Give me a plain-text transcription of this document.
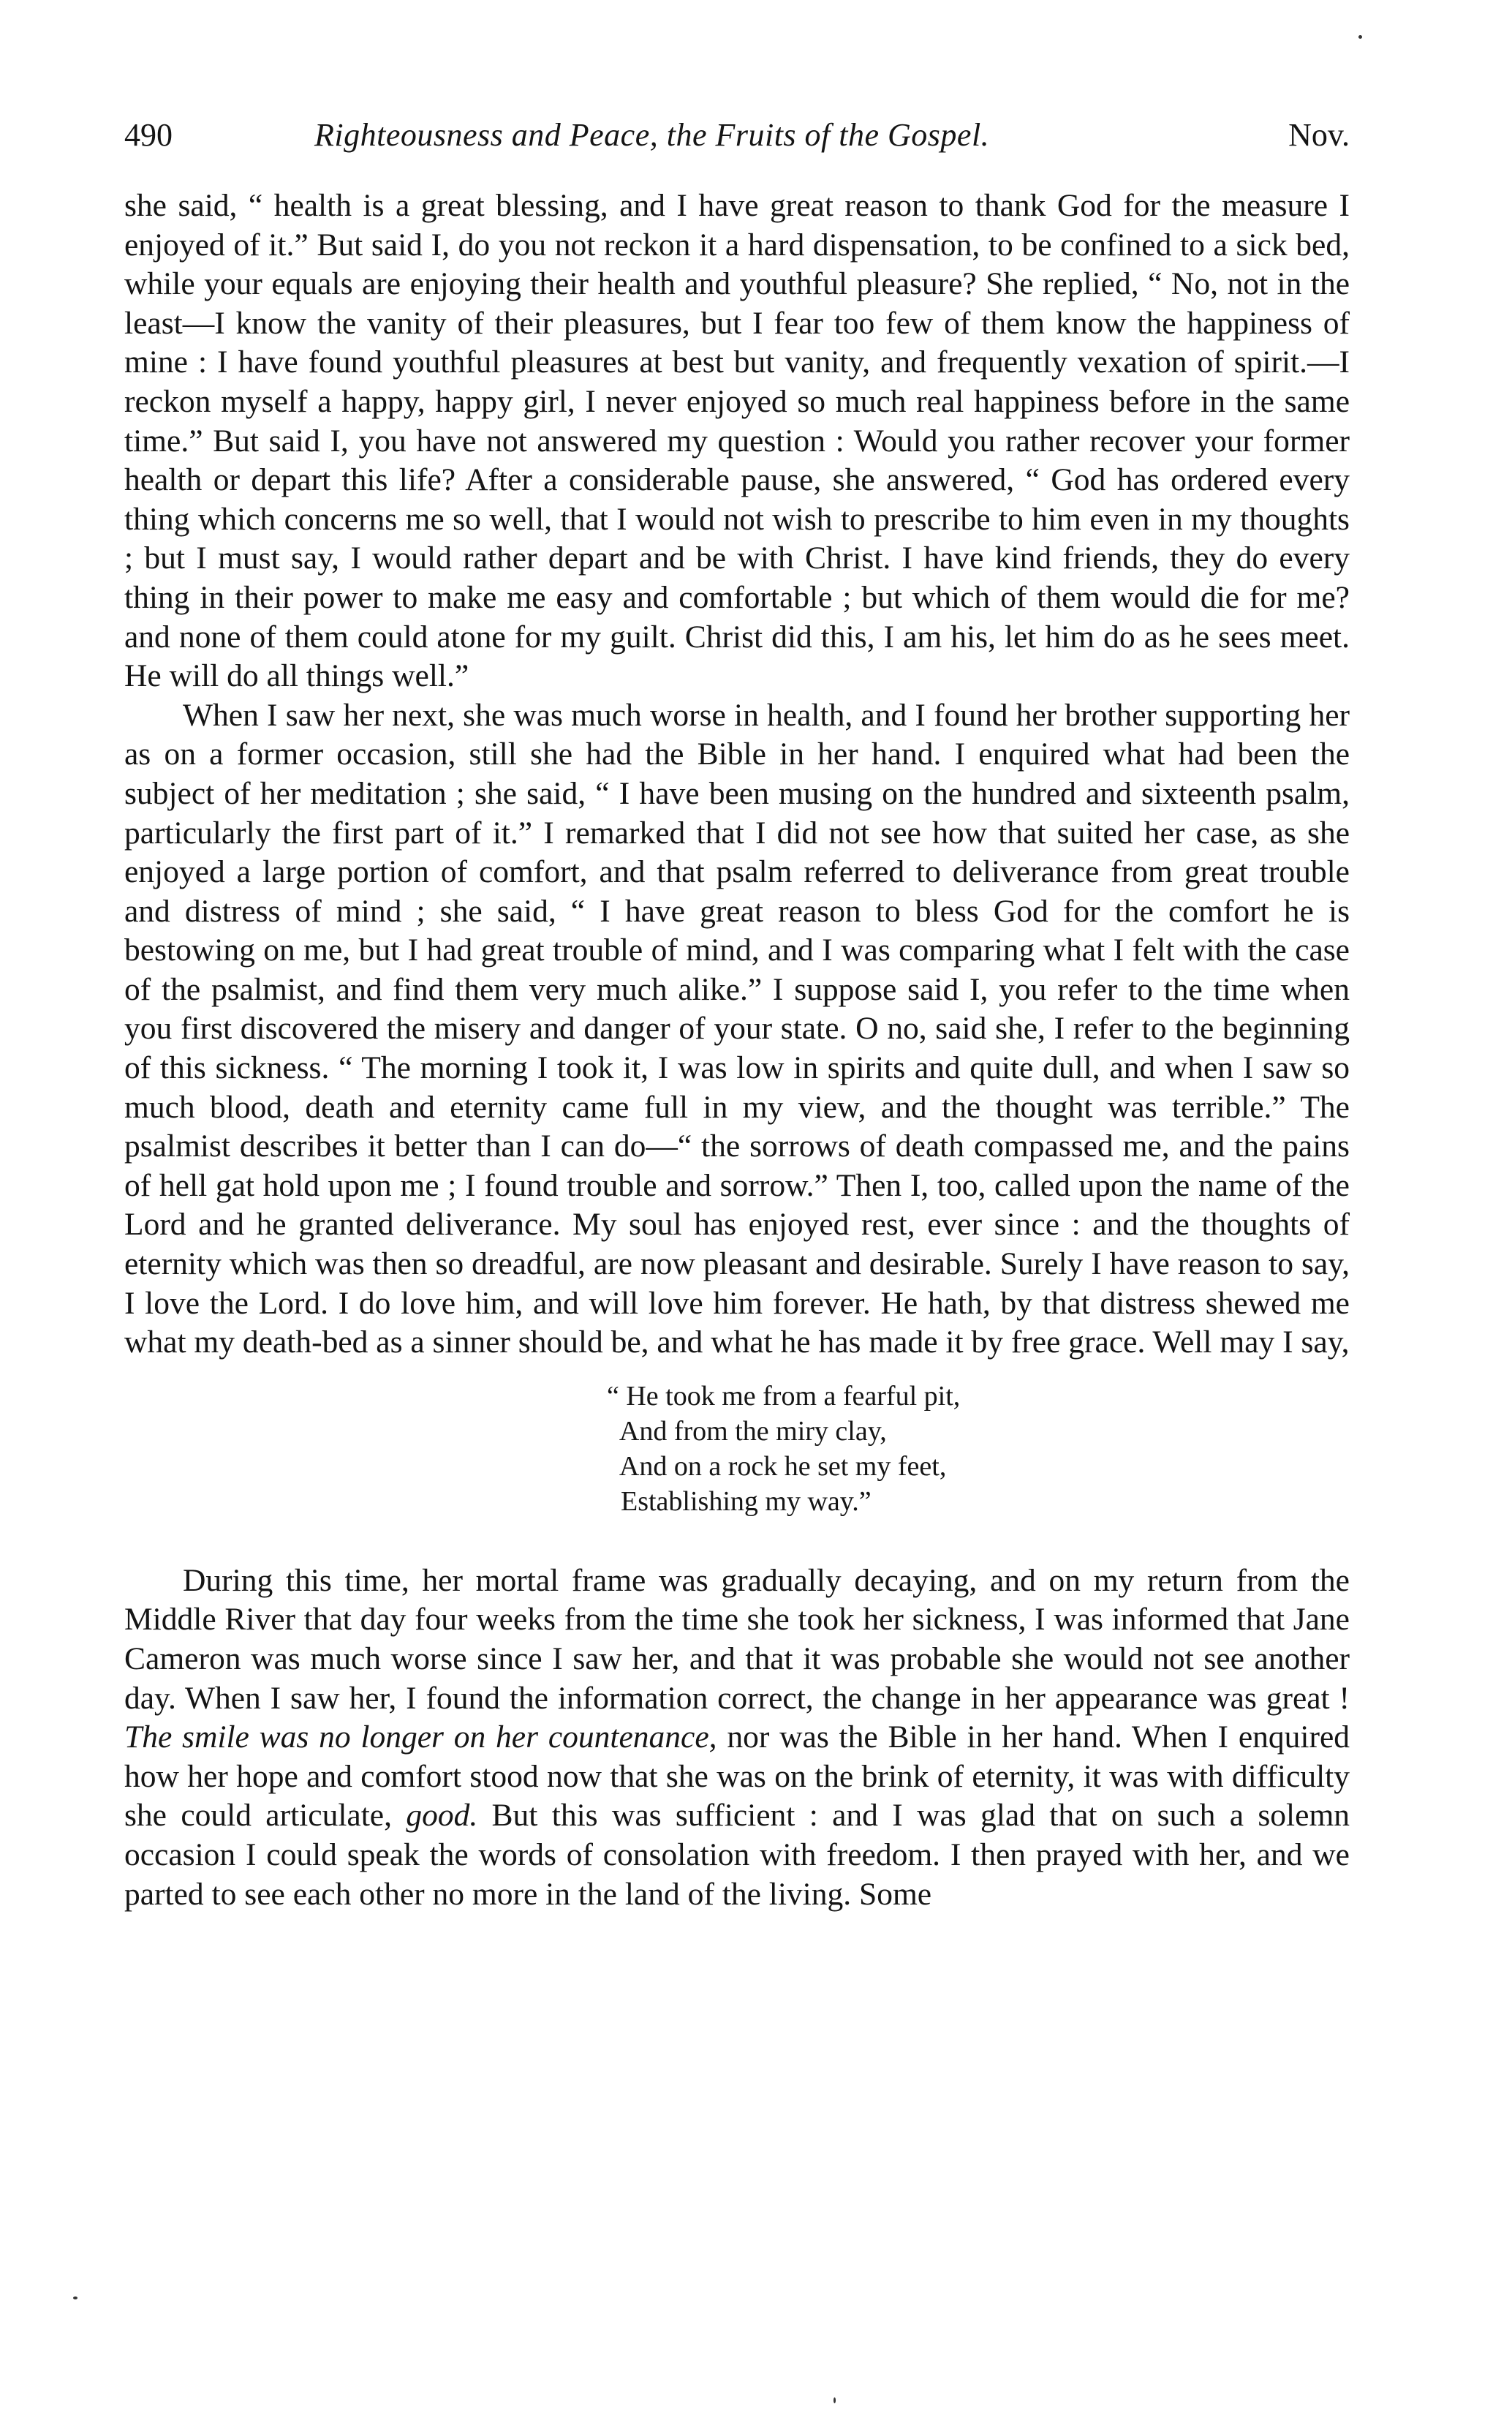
490	Righteousness and Peace, the Fruits of the Gospel.	Nov.

she said, “ health is a great blessing, and I have great reason to thank God for the measure I enjoyed of it.” But said I, do you not reckon it a hard dispensation, to be confined to a sick bed, while your equals are enjoying their health and youthful pleasure? She replied, “ No, not in the least—I know the vanity of their pleasures, but I fear too few of them know the happiness of mine : I have found youthful pleasures at best but vanity, and frequently vexation of spirit.—I reckon myself a happy, happy girl, I never enjoyed so much real happiness before in the same time.” But said I, you have not answered my question : Would you rather recover your former health or depart this life? After a considerable pause, she answered, “ God has ordered every thing which concerns me so well, that I would not wish to prescribe to him even in my thoughts ; but I must say, I would rather depart and be with Christ. I have kind friends, they do every thing in their power to make me easy and comfortable ; but which of them would die for me? and none of them could atone for my guilt. Christ did this, I am his, let him do as he sees meet. He will do all things well.”

When I saw her next, she was much worse in health, and I found her brother supporting her as on a former occasion, still she had the Bible in her hand. I enquired what had been the subject of her meditation ; she said, “ I have been musing on the hundred and sixteenth psalm, particularly the first part of it.” I remarked that I did not see how that suited her case, as she enjoyed a large portion of comfort, and that psalm referred to deliverance from great trouble and distress of mind ; she said, “ I have great reason to bless God for the comfort he is bestowing on me, but I had great trouble of mind, and I was comparing what I felt with the case of the psalmist, and find them very much alike.” I suppose said I, you refer to the time when you first discovered the misery and danger of your state. O no, said she, I refer to the beginning of this sickness. “ The morning I took it, I was low in spirits and quite dull, and when I saw so much blood, death and eternity came full in my view, and the thought was terrible.” The psalmist describes it better than I can do—“ the sorrows of death compassed me, and the pains of hell gat hold upon me ; I found trouble and sorrow.” Then I, too, called upon the name of the Lord and he granted deliverance. My soul has enjoyed rest, ever since : and the thoughts of eternity which was then so dreadful, are now pleasant and desirable. Surely I have reason to say, I love the Lord. I do love him, and will love him forever. He hath, by that distress shewed me what my death-bed as a sinner should be, and what he has made it by free grace. Well may I say,

“ He took me from a fearful pit,
And from the miry clay,
And on a rock he set my feet,
Establishing my way.”

During this time, her mortal frame was gradually decaying, and on my return from the Middle River that day four weeks from the time she took her sickness, I was informed that Jane Cameron was much worse since I saw her, and that it was probable she would not see another day. When I saw her, I found the information correct, the change in her appearance was great ! The smile was no longer on her countenance, nor was the Bible in her hand. When I enquired how her hope and comfort stood now that she was on the brink of eternity, it was with difficulty she could articulate, good. But this was sufficient : and I was glad that on such a solemn occasion I could speak the words of consolation with freedom. I then prayed with her, and we parted to see each other no more in the land of the living. Some
